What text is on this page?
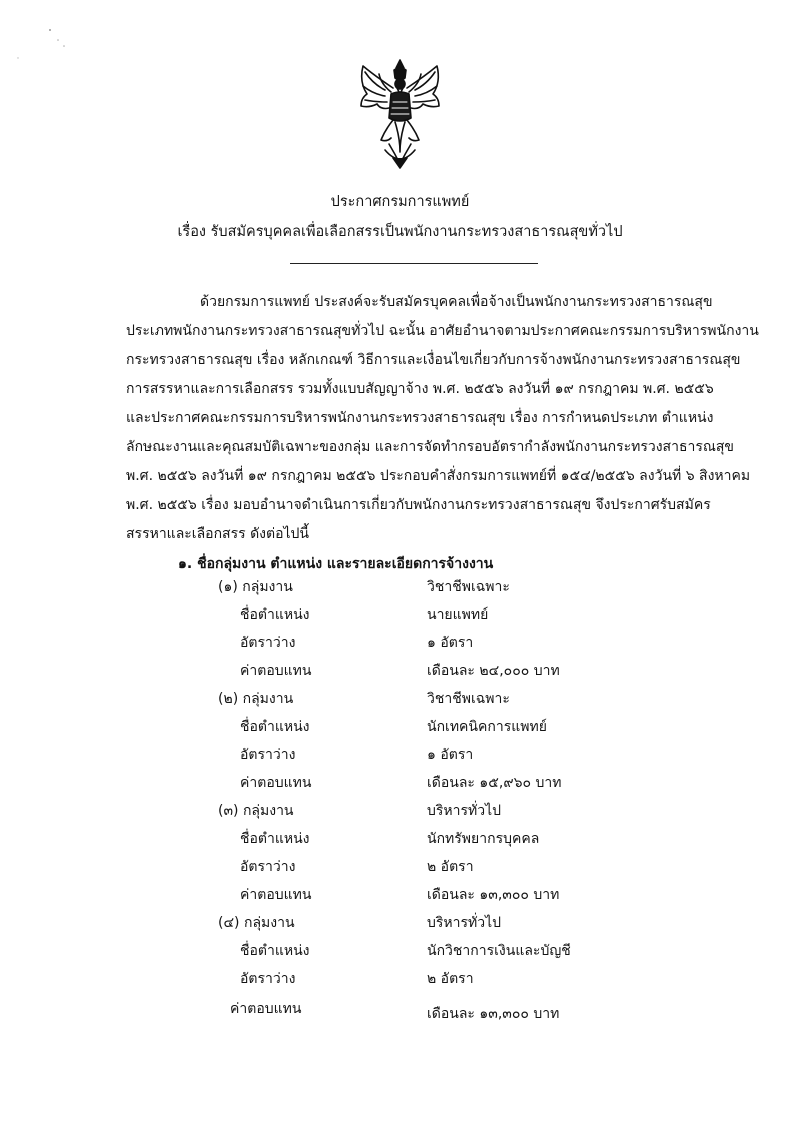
ประกาศกรมการแพทย์
เรื่อง รับสมัครบุคคลเพื่อเลือกสรรเป็นพนักงานกระทรวงสาธารณสุขทั่วไป
ด้วยกรมการแพทย์ ประสงค์จะรับสมัครบุคคลเพื่อจ้างเป็นพนักงานกระทรวงสาธารณสุข
ประเภทพนักงานกระทรวงสาธารณสุขทั่วไป ฉะนั้น อาศัยอำนาจตามประกาศคณะกรรมการบริหารพนักงาน
กระทรวงสาธารณสุข เรื่อง หลักเกณฑ์ วิธีการและเงื่อนไขเกี่ยวกับการจ้างพนักงานกระทรวงสาธารณสุข
การสรรหาและการเลือกสรร รวมทั้งแบบสัญญาจ้าง พ.ศ. ๒๕๕๖ ลงวันที่ ๑๙ กรกฎาคม พ.ศ. ๒๕๕๖
และประกาศคณะกรรมการบริหารพนักงานกระทรวงสาธารณสุข เรื่อง การกำหนดประเภท ตำแหน่ง
ลักษณะงานและคุณสมบัติเฉพาะของกลุ่ม และการจัดทำกรอบอัตรากำลังพนักงานกระทรวงสาธารณสุข
พ.ศ. ๒๕๕๖ ลงวันที่ ๑๙ กรกฎาคม ๒๕๕๖ ประกอบคำสั่งกรมการแพทย์ที่ ๑๕๔/๒๕๕๖ ลงวันที่ ๖ สิงหาคม
พ.ศ. ๒๕๕๖ เรื่อง มอบอำนาจดำเนินการเกี่ยวกับพนักงานกระทรวงสาธารณสุข จึงประกาศรับสมัคร
สรรหาและเลือกสรร ดังต่อไปนี้
๑. ชื่อกลุ่มงาน ตำแหน่ง และรายละเอียดการจ้างงาน
(๑) กลุ่มงาน	วิชาชีพเฉพาะ
ชื่อตำแหน่ง	นายแพทย์
อัตราว่าง	๑ อัตรา
ค่าตอบแทน	เดือนละ ๒๔,๐๐๐ บาท
(๒) กลุ่มงาน	วิชาชีพเฉพาะ
ชื่อตำแหน่ง	นักเทคนิคการแพทย์
อัตราว่าง	๑ อัตรา
ค่าตอบแทน	เดือนละ ๑๕,๙๖๐ บาท
(๓) กลุ่มงาน	บริหารทั่วไป
ชื่อตำแหน่ง	นักทรัพยากรบุคคล
อัตราว่าง	๒ อัตรา
ค่าตอบแทน	เดือนละ ๑๓,๓๐๐ บาท
(๔) กลุ่มงาน	บริหารทั่วไป
ชื่อตำแหน่ง	นักวิชาการเงินและบัญชี
อัตราว่าง	๒ อัตรา
ค่าตอบแทน	เดือนละ ๑๓,๓๐๐ บาท
